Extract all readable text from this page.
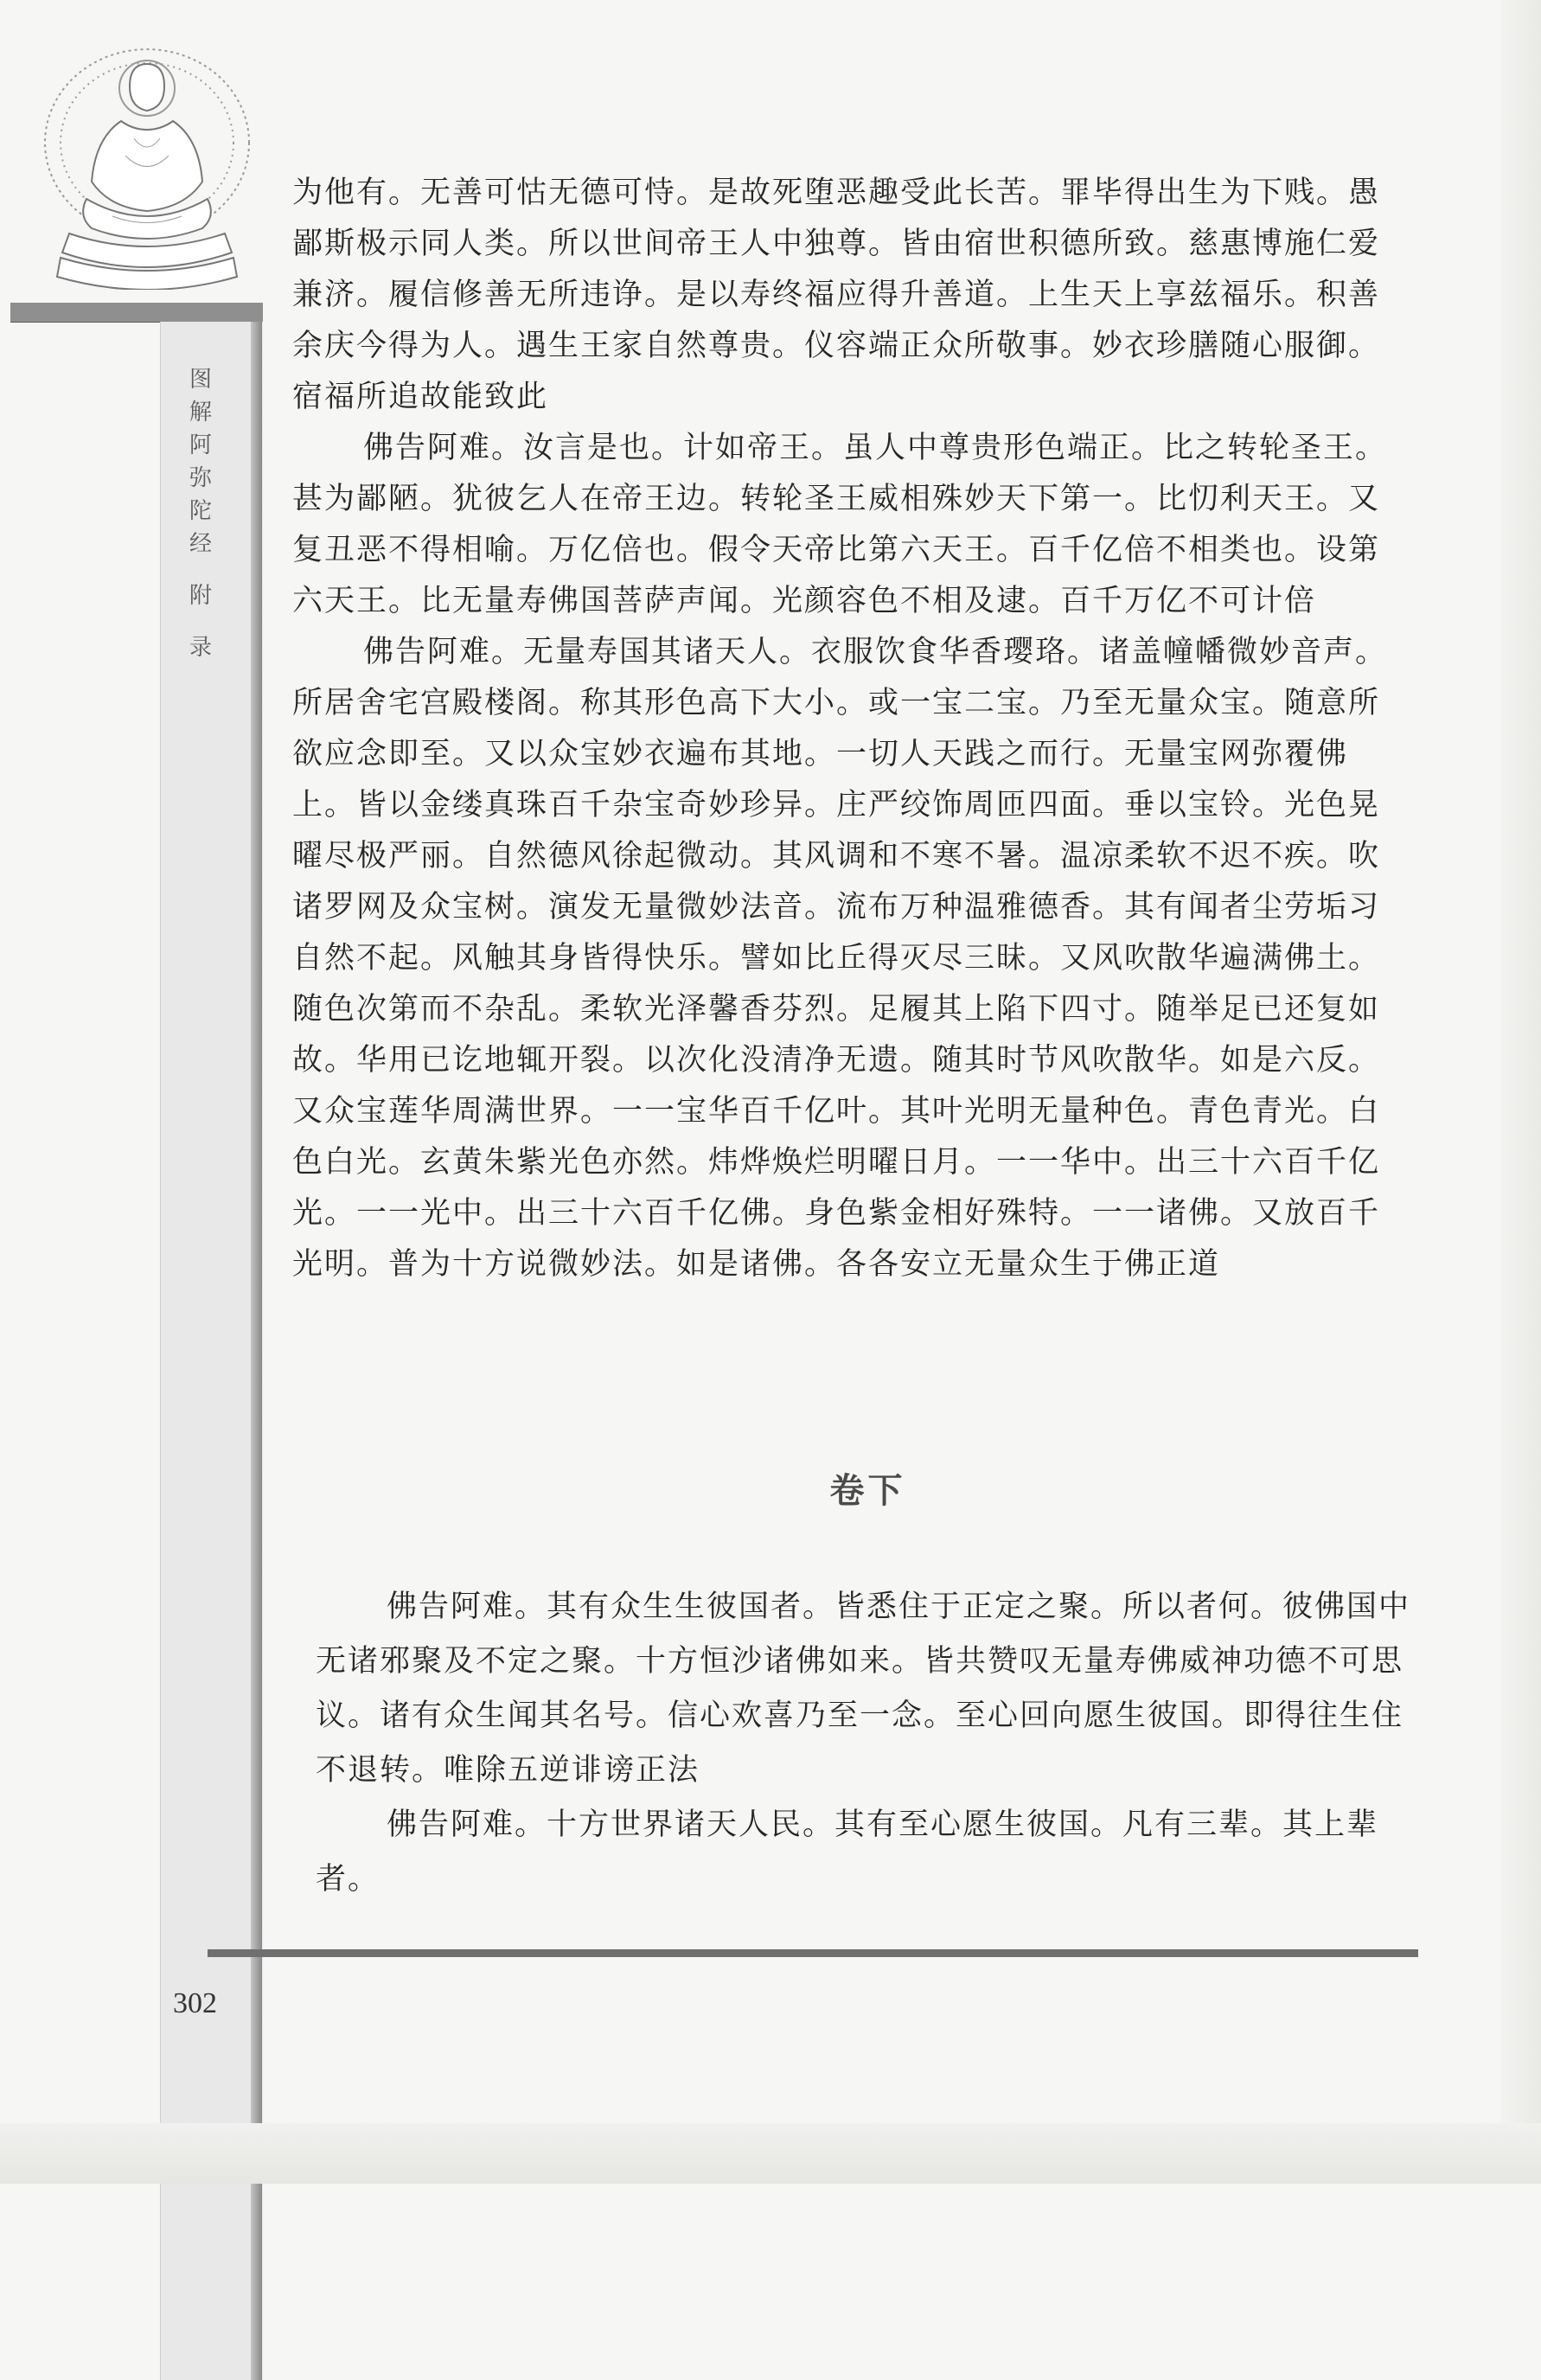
图
解
阿
弥
陀
经
附
录

为他有。无善可怙无德可恃。是故死堕恶趣受此长苦。罪毕得出生为下贱。愚鄙斯极示同人类。所以世间帝王人中独尊。皆由宿世积德所致。慈惠博施仁爱兼济。履信修善无所违诤。是以寿终福应得升善道。上生天上享兹福乐。积善余庆今得为人。遇生王家自然尊贵。仪容端正众所敬事。妙衣珍膳随心服御。宿福所追故能致此

佛告阿难。汝言是也。计如帝王。虽人中尊贵形色端正。比之转轮圣王。甚为鄙陋。犹彼乞人在帝王边。转轮圣王威相殊妙天下第一。比忉利天王。又复丑恶不得相喻。万亿倍也。假令天帝比第六天王。百千亿倍不相类也。设第六天王。比无量寿佛国菩萨声闻。光颜容色不相及逮。百千万亿不可计倍

佛告阿难。无量寿国其诸天人。衣服饮食华香璎珞。诸盖幢幡微妙音声。所居舍宅宫殿楼阁。称其形色高下大小。或一宝二宝。乃至无量众宝。随意所欲应念即至。又以众宝妙衣遍布其地。一切人天践之而行。无量宝网弥覆佛上。皆以金缕真珠百千杂宝奇妙珍异。庄严绞饰周匝四面。垂以宝铃。光色晃曜尽极严丽。自然德风徐起微动。其风调和不寒不暑。温凉柔软不迟不疾。吹诸罗网及众宝树。演发无量微妙法音。流布万种温雅德香。其有闻者尘劳垢习自然不起。风触其身皆得快乐。譬如比丘得灭尽三昧。又风吹散华遍满佛土。随色次第而不杂乱。柔软光泽馨香芬烈。足履其上陷下四寸。随举足已还复如故。华用已讫地辄开裂。以次化没清净无遗。随其时节风吹散华。如是六反。又众宝莲华周满世界。一一宝华百千亿叶。其叶光明无量种色。青色青光。白色白光。玄黄朱紫光色亦然。炜烨焕烂明曜日月。一一华中。出三十六百千亿光。一一光中。出三十六百千亿佛。身色紫金相好殊特。一一诸佛。又放百千光明。普为十方说微妙法。如是诸佛。各各安立无量众生于佛正道

卷下

佛告阿难。其有众生生彼国者。皆悉住于正定之聚。所以者何。彼佛国中无诸邪聚及不定之聚。十方恒沙诸佛如来。皆共赞叹无量寿佛威神功德不可思议。诸有众生闻其名号。信心欢喜乃至一念。至心回向愿生彼国。即得往生住不退转。唯除五逆诽谤正法

佛告阿难。十方世界诸天人民。其有至心愿生彼国。凡有三辈。其上辈者。

302
